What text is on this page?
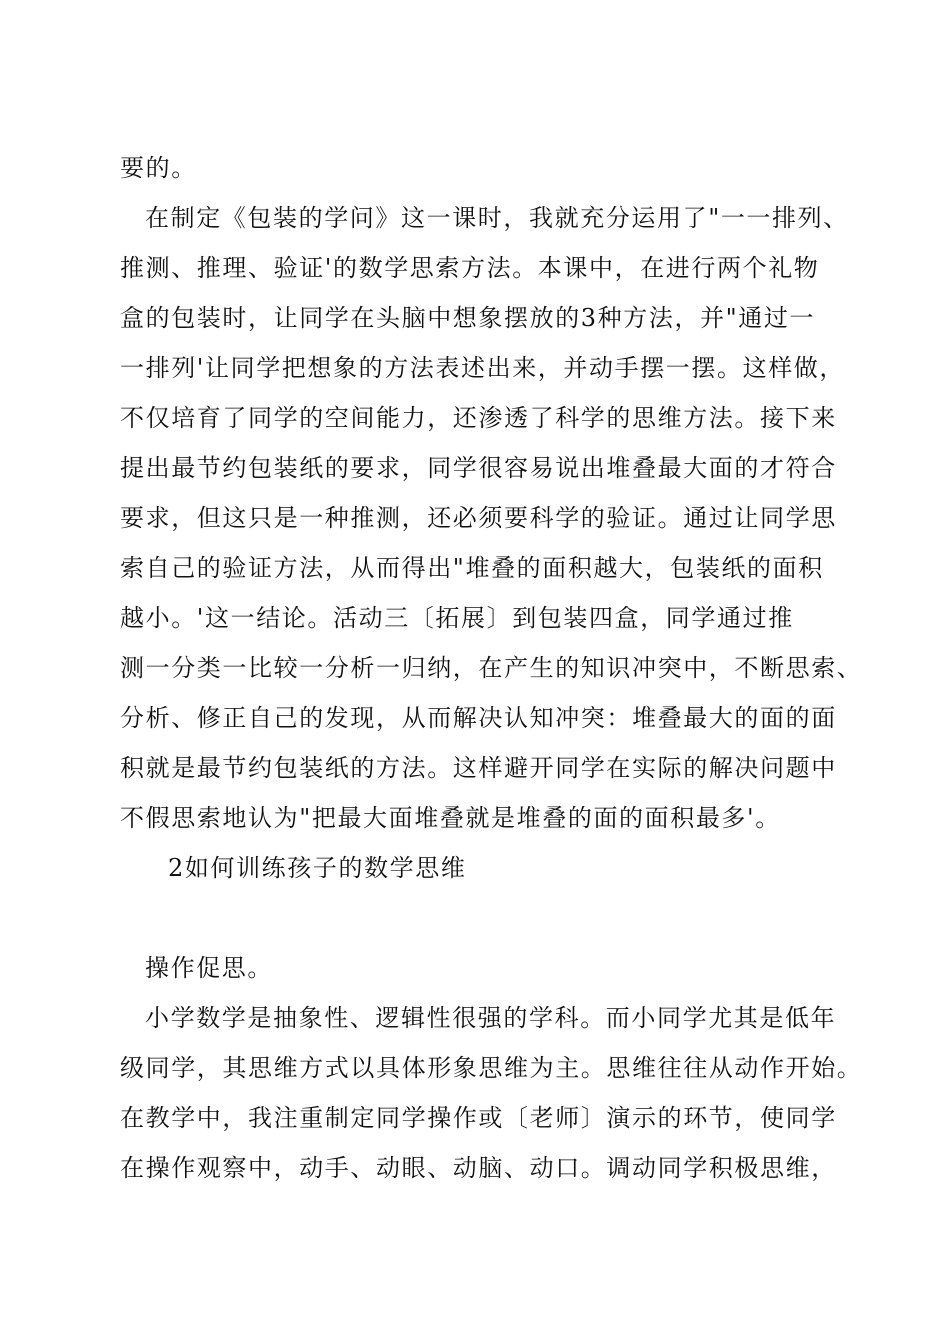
要的。
在制定《包装的学问》这一课时，我就充分运用了"一一排列、
推测、推理、验证'的数学思索方法。本课中，在进行两个礼物
盒的包装时，让同学在头脑中想象摆放的3种方法，并"通过一
一排列'让同学把想象的方法表述出来，并动手摆一摆。这样做，
不仅培育了同学的空间能力，还渗透了科学的思维方法。接下来
提出最节约包装纸的要求，同学很容易说出堆叠最大面的才符合
要求，但这只是一种推测，还必须要科学的验证。通过让同学思
索自己的验证方法，从而得出"堆叠的面积越大，包装纸的面积
越小。'这一结论。活动三〔拓展〕到包装四盒，同学通过推
测一分类一比较一分析一归纳，在产生的知识冲突中，不断思索、
分析、修正自己的发现，从而解决认知冲突：堆叠最大的面的面
积就是最节约包装纸的方法。这样避开同学在实际的解决问题中
不假思索地认为"把最大面堆叠就是堆叠的面的面积最多'。
2如何训练孩子的数学思维
操作促思。
小学数学是抽象性、逻辑性很强的学科。而小同学尤其是低年
级同学，其思维方式以具体形象思维为主。思维往往从动作开始。
在教学中，我注重制定同学操作或〔老师〕演示的环节，使同学
在操作观察中，动手、动眼、动脑、动口。调动同学积极思维，
